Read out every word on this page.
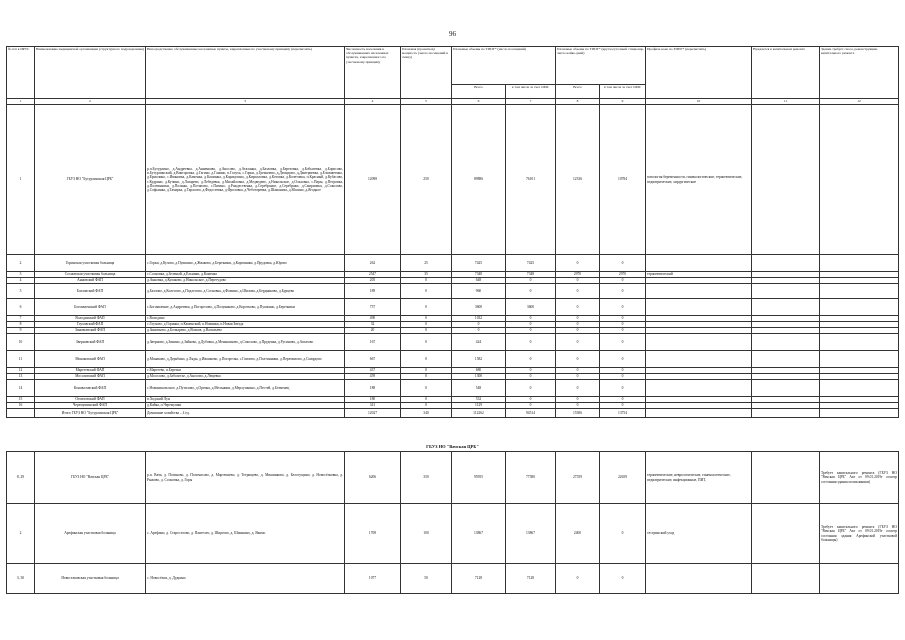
96
№ п/п в ИРТС	Наименование медицинской организации (структурного подразделения)	Непосредственно обслуживаемые населенные пункты, закрепленные по участковому принципу (перечислить)	Численность населения в обслуживаемых населенных пунктах, закрепленного по участковому принципу	Плановая (проектная) мощность (число посещений в смену)	Плановые объемы по ТППГ* (число посещений)		Плановые объемы по ТППГ* (круглосуточный стационар, число койко-дней)		Профиль коек по ТППГ* (перечислить)	Нуждается в капитальном ремонте	Здание требует сноса, реконструкции, капитального ремонта
					Всего	в том числе за счет ОМС	Всего	в том числе за счет ОМС			
1	2	3	4	5	6	7	8	9	10	11	12
1	ГБУЗ НО "Бутурлинская ЦРБ"	р.п.Бутурлино, д.Андреевка, д.Анненково, д.Аносово, д.Аталанка, д.Базловка, д.Березовка, д.Бобылевка, д.Борисово, п.Бутурлинский, д.Викторовка, д.Гагино, д.Ганино, п.Голуха, с.Горки, д.Гремячево, д.Демидово, д.Дмитриевка, д.Елизаветино, д.Ермолино, с.Ивановка, д.Каменка, д.Кашинка, д.Каракулино, д.Кирилловка, д.Котовка, д.Кочетовка, п.Красный, д.Кубасово, с.Кудрино, д.Кучино, д.Лазарево, д.Лебедевка, д.Михайловка, д.Медведево, д.Никольское, д.Ольховка, с.Пары, д.Петровка, д.Полтинники, д.Поляны, д.Потапово, с.Пятино, д.Рождественка, д.Серебряное, д.Серебряки, д.Смирновка, д.Соколово, д.Софьинка, д.Тамарка, д.Тарасово, д.Федосеевка, д.Фроловка, д.Чеботаревка, д.Шаманиха, д.Юшино, д.Ягодное	12098	250	89886	76101	12336	10784	патология беременности, гинекологические, терапевтические, педиатрические, хирургические		
2	Горинская участковая больница	с.Горки, д.Кузово, д.Пушкино, д.Жваково, д.Березники, д.Коровники, д.Прудовка, д.Юрово	262	25	7425	7425	0	0			
3	Сосновская участковая больница	с.Сосновка, д.Зеленый, д.Ельники, д.Каменка	2547	35	7348	7348	2970	2970	терапевтический		
4	Анновский ФАП	д.Анновка, д.Кулаково, д.Никольское, д.Перегудово	205	0	648	0	0	0			
5	Базловский ФАП	д.Базлово, д.Колесово, д.Подлесово, д.Сосновка, д.Фомино, д.Шилова, д.Бердниково, д.Бурцево	189	0	960	0	0	0			
6	Богоявленский ФАП	с.Богоявление, д.Андреевка, д.Погорелово, д.Полуянково, д.Коротково, д.Пушкино, д.Березники	757	0	3600	3600	0	0			
7	Володинский ФАП	с.Володино	490	0	1032	0	0	0			
8	Глуховский ФАП	с.Глухово, д.Горинка, п.Каменский, п.Новинки, п.Новая Звезда	32	0	0	0	0	0			
9	Зиновьевский ФАП	д.Зиновьево, д.Бочкарево, д.Волков, д.Васильево	20	0	0	0	0	0			
10	Зверновский ФАП	д.Зверново, д.Зинино, д.Зайково, д.Дубовка, д.Меньшиково, д.Соколово, д.Пруденка, д.Русиново, д.Ашагово	167	0	424	0	0	0			
11	Монаковский ФАП	д.Монаково, д.Дерябино, д.Ляды, д.Ивашково, д.Погорелка, с.Гомзово, д.Полтинники, д.Перемилово, д.Смирдово	667	0	1582	0	0	0			
12	Маргеевский ФАП	с.Маргеево, п.Березки	437	0	680	0	0	0			
13	Мосоловский ФАП	д.Мосолово, д.Заболотье, д.Аносово, д.Лещевка	459	0	1300	0	0	0			
14	Коноваловский ФАП	с.Новоникольское, д.Путилово, д.Ортина, д.Мельники, д.Мерлушкино, д.Пестей, д.Безменец	188	0	548	0	0	0			
15	Отмеловский ФАП	п.Ходский Лун	180	0	532	0	0	0			
16	Черемушинский ФАП	д.Кайка, п.Черемушки	341	0	1129	0	0	0			
	Итого ГБУЗ НО "Бутурлинская ЦРБ"	Домашние хозяйства – 4 ед.	12027	340	112262	94514	15306	13754			
ГБУЗ НО "Вачская ЦРБ"
8, 29	ГБУЗ НО "Вачская ЦРБ"	р.п. Вача, д. Погиново, д. Поломасово, д. Мартюшево, д. Тетрищево, д. Мишинково, д. Белогущино, д. Новосёлковка, д. Рыжово, д. Сосновка, д. Горы	6206	350	95955	77580	27559	22659	терапевтические, неврологические, гинекологические, педиатрические, инфекционные, ПИТ,		Требует капитального ремонта (ГБУЗ НО "Вачская ЦРБ" Акт от 09.01.2019г осмотр состояния здания поликлиники)
2	Арефинская участковая больница	с. Арефино, д. Староселово, д. Пантелео, д. Ширгово, д. Шишкино, д. Якимо	1708	100	13867	13867	2400	0	сестринский уход		Требует капитального ремонта (ГБУЗ НО "Вачская ЦРБ" Акт от 09.01.2019г осмотр состояния здания Арефинской участковой больницы)
3, 30	Новоселковская участковая больница	с. Новосёлки, д. Дудкино	1077	50	7128	7128	0	0			
